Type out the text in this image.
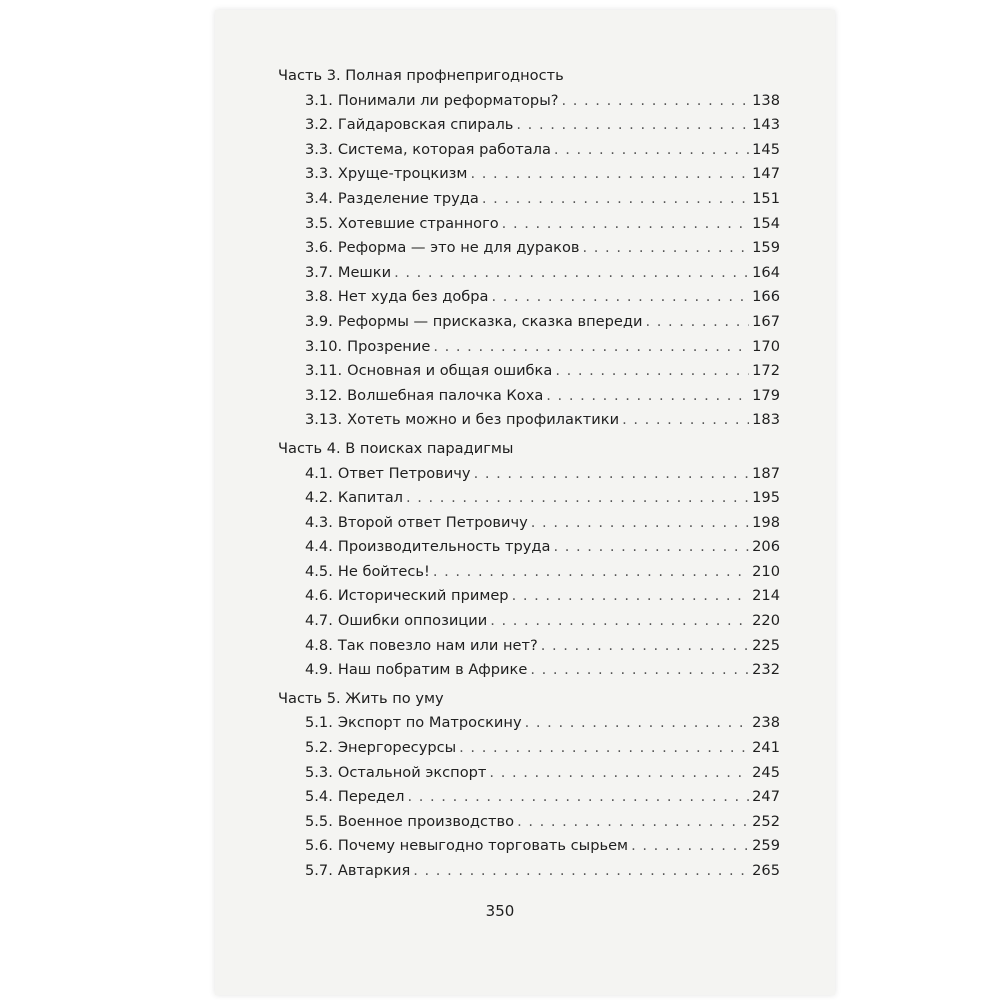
Часть 3. Полная профнепригодность
3.1. Понимали ли реформаторы? . . .	138
3.2. Гайдаровская спираль . . .	143
3.3. Система, которая работала . . .	145
3.3. Хруще-троцкизм . . .	147
3.4. Разделение труда . . .	151
3.5. Хотевшие странного . . .	154
3.6. Реформа — это не для дураков . . .	159
3.7. Мешки . . .	164
3.8. Нет худа без добра . . .	166
3.9. Реформы — присказка, сказка впереди . . .	167
3.10. Прозрение . . .	170
3.11. Основная и общая ошибка . . .	172
3.12. Волшебная палочка Коха . . .	179
3.13. Хотеть можно и без профилактики . . .	183
Часть 4. В поисках парадигмы
4.1. Ответ Петровичу . . .	187
4.2. Капитал . . .	195
4.3. Второй ответ Петровичу . . .	198
4.4. Производительность труда . . .	206
4.5. Не бойтесь! . . .	210
4.6. Исторический пример . . .	214
4.7. Ошибки оппозиции . . .	220
4.8. Так повезло нам или нет? . . .	225
4.9. Наш побратим в Африке . . .	232
Часть 5. Жить по уму
5.1. Экспорт по Матроскину . . .	238
5.2. Энергоресурсы . . .	241
5.3. Остальной экспорт . . .	245
5.4. Передел . . .	247
5.5. Военное производство . . .	252
5.6. Почему невыгодно торговать сырьем . . .	259
5.7. Автаркия . . .	265
350
